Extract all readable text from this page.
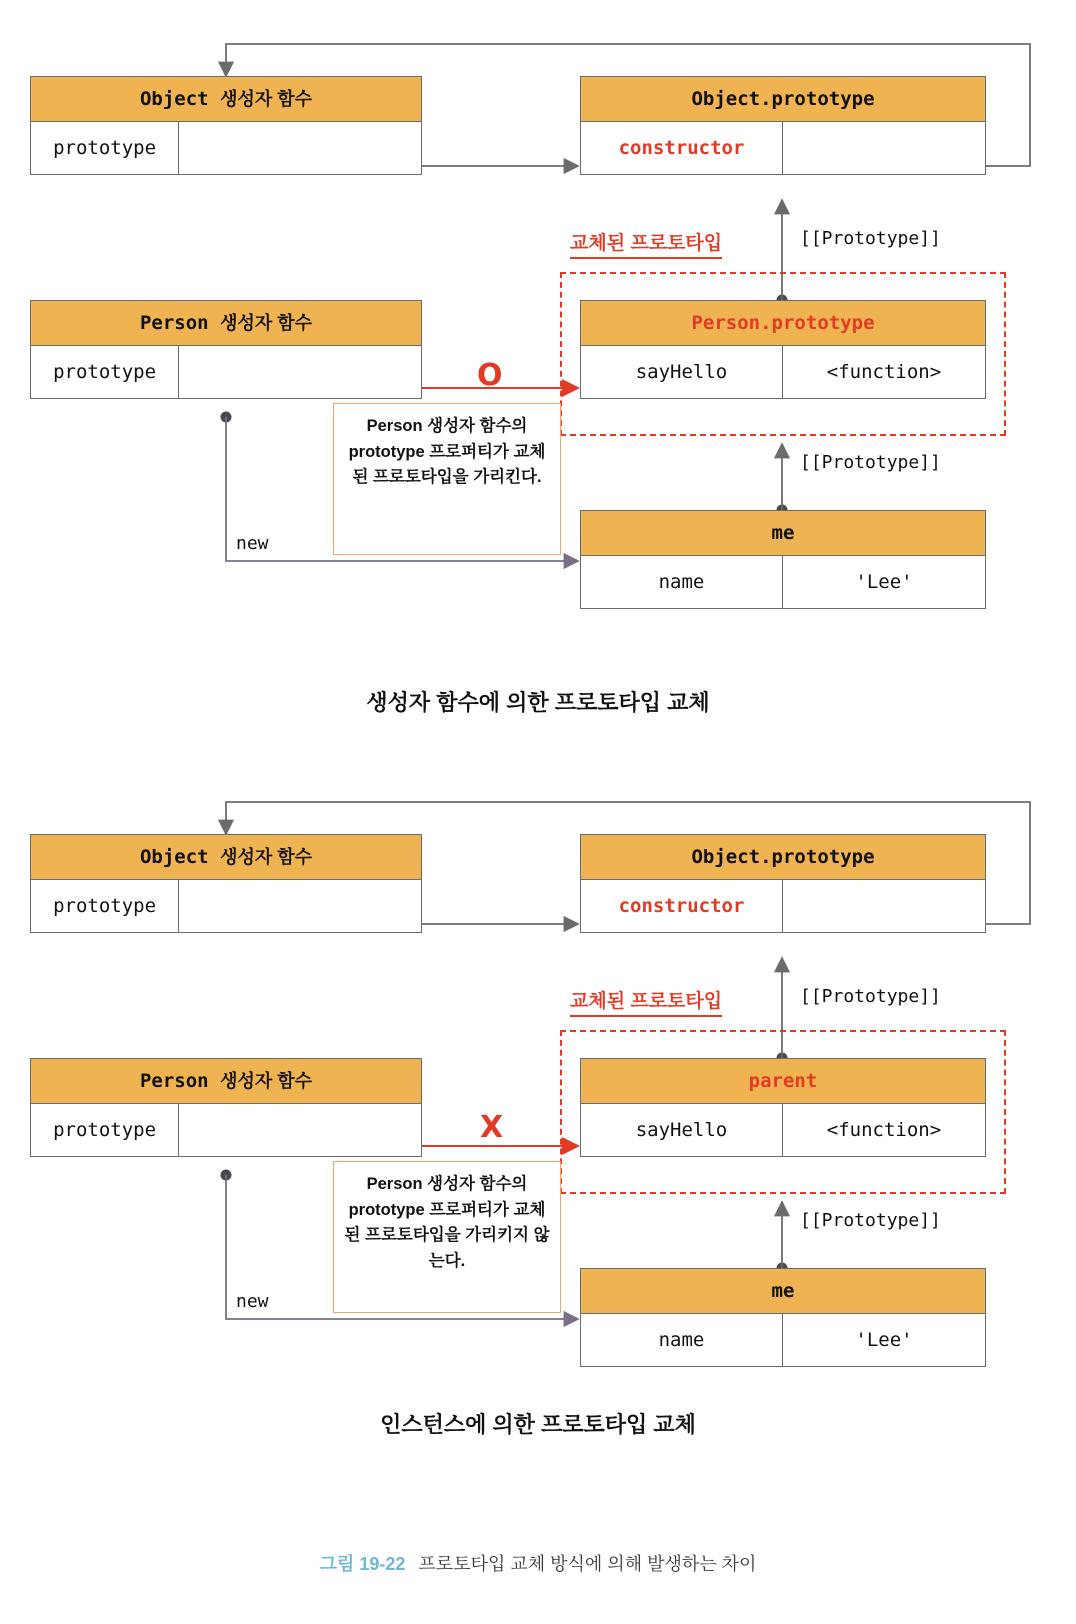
Object 생성자 함수
prototype
Object.prototype
constructor
교체된 프로토타입	[[Prototype]]
[[Prototype]]
Person 생성자 함수
prototype
Person.prototype
sayHello	<function>
me
name	'Lee'
new
O
Person 생성자 함수의 prototype 프로퍼티가 교체된 프로토타입을 가리킨다.
생성자 함수에 의한 프로토타입 교체
Object 생성자 함수
prototype
Object.prototype
constructor
교체된 프로토타입	[[Prototype]]
[[Prototype]]
Person 생성자 함수
prototype
parent
sayHello	<function>
me
name	'Lee'
new
X
Person 생성자 함수의 prototype 프로퍼티가 교체된 프로토타입을 가리키지 않는다.
인스턴스에 의한 프로토타입 교체
그림 19-22 프로토타입 교체 방식에 의해 발생하는 차이
